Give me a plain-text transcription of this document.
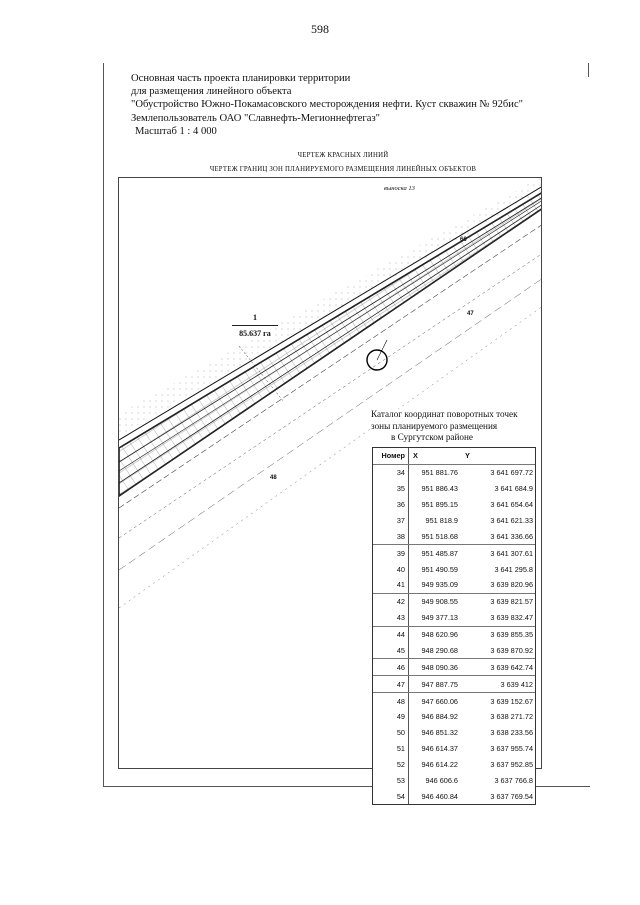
598
Основная часть проекта планировки территории
для размещения линейного объекта
"Обустройство Южно-Покамасовского месторождения нефти. Куст скважин № 92бис"
Землепользователь ОАО "Славнефть-Мегионнефтегаз"
Масштаб 1 : 4 000
ЧЕРТЕЖ КРАСНЫХ ЛИНИЙ
ЧЕРТЕЖ ГРАНИЦ ЗОН ПЛАНИРУЕМОГО РАЗМЕЩЕНИЯ ЛИНЕЙНЫХ ОБЪЕКТОВ
выноска 13
66
47
48
1
85.637 га
Каталог координат поворотных точек
зоны планируемого размещения
в Сургутском районе
Номер	X	Y
34	951 881.76	3 641 697.72
35	951 886.43	3 641 684.9
36	951 895.15	3 641 654.64
37	951 818.9	3 641 621.33
38	951 518.68	3 641 336.66
39	951 485.87	3 641 307.61
40	951 490.59	3 641 295.8
41	949 935.09	3 639 820.96
42	949 908.55	3 639 821.57
43	949 377.13	3 639 832.47
44	948 620.96	3 639 855.35
45	948 290.68	3 639 870.92
46	948 090.36	3 639 642.74
47	947 887.75	3 639 412
48	947 660.06	3 639 152.67
49	946 884.92	3 638 271.72
50	946 851.32	3 638 233.56
51	946 614.37	3 637 955.74
52	946 614.22	3 637 952.85
53	946 606.6	3 637 766.8
54	946 460.84	3 637 769.54
